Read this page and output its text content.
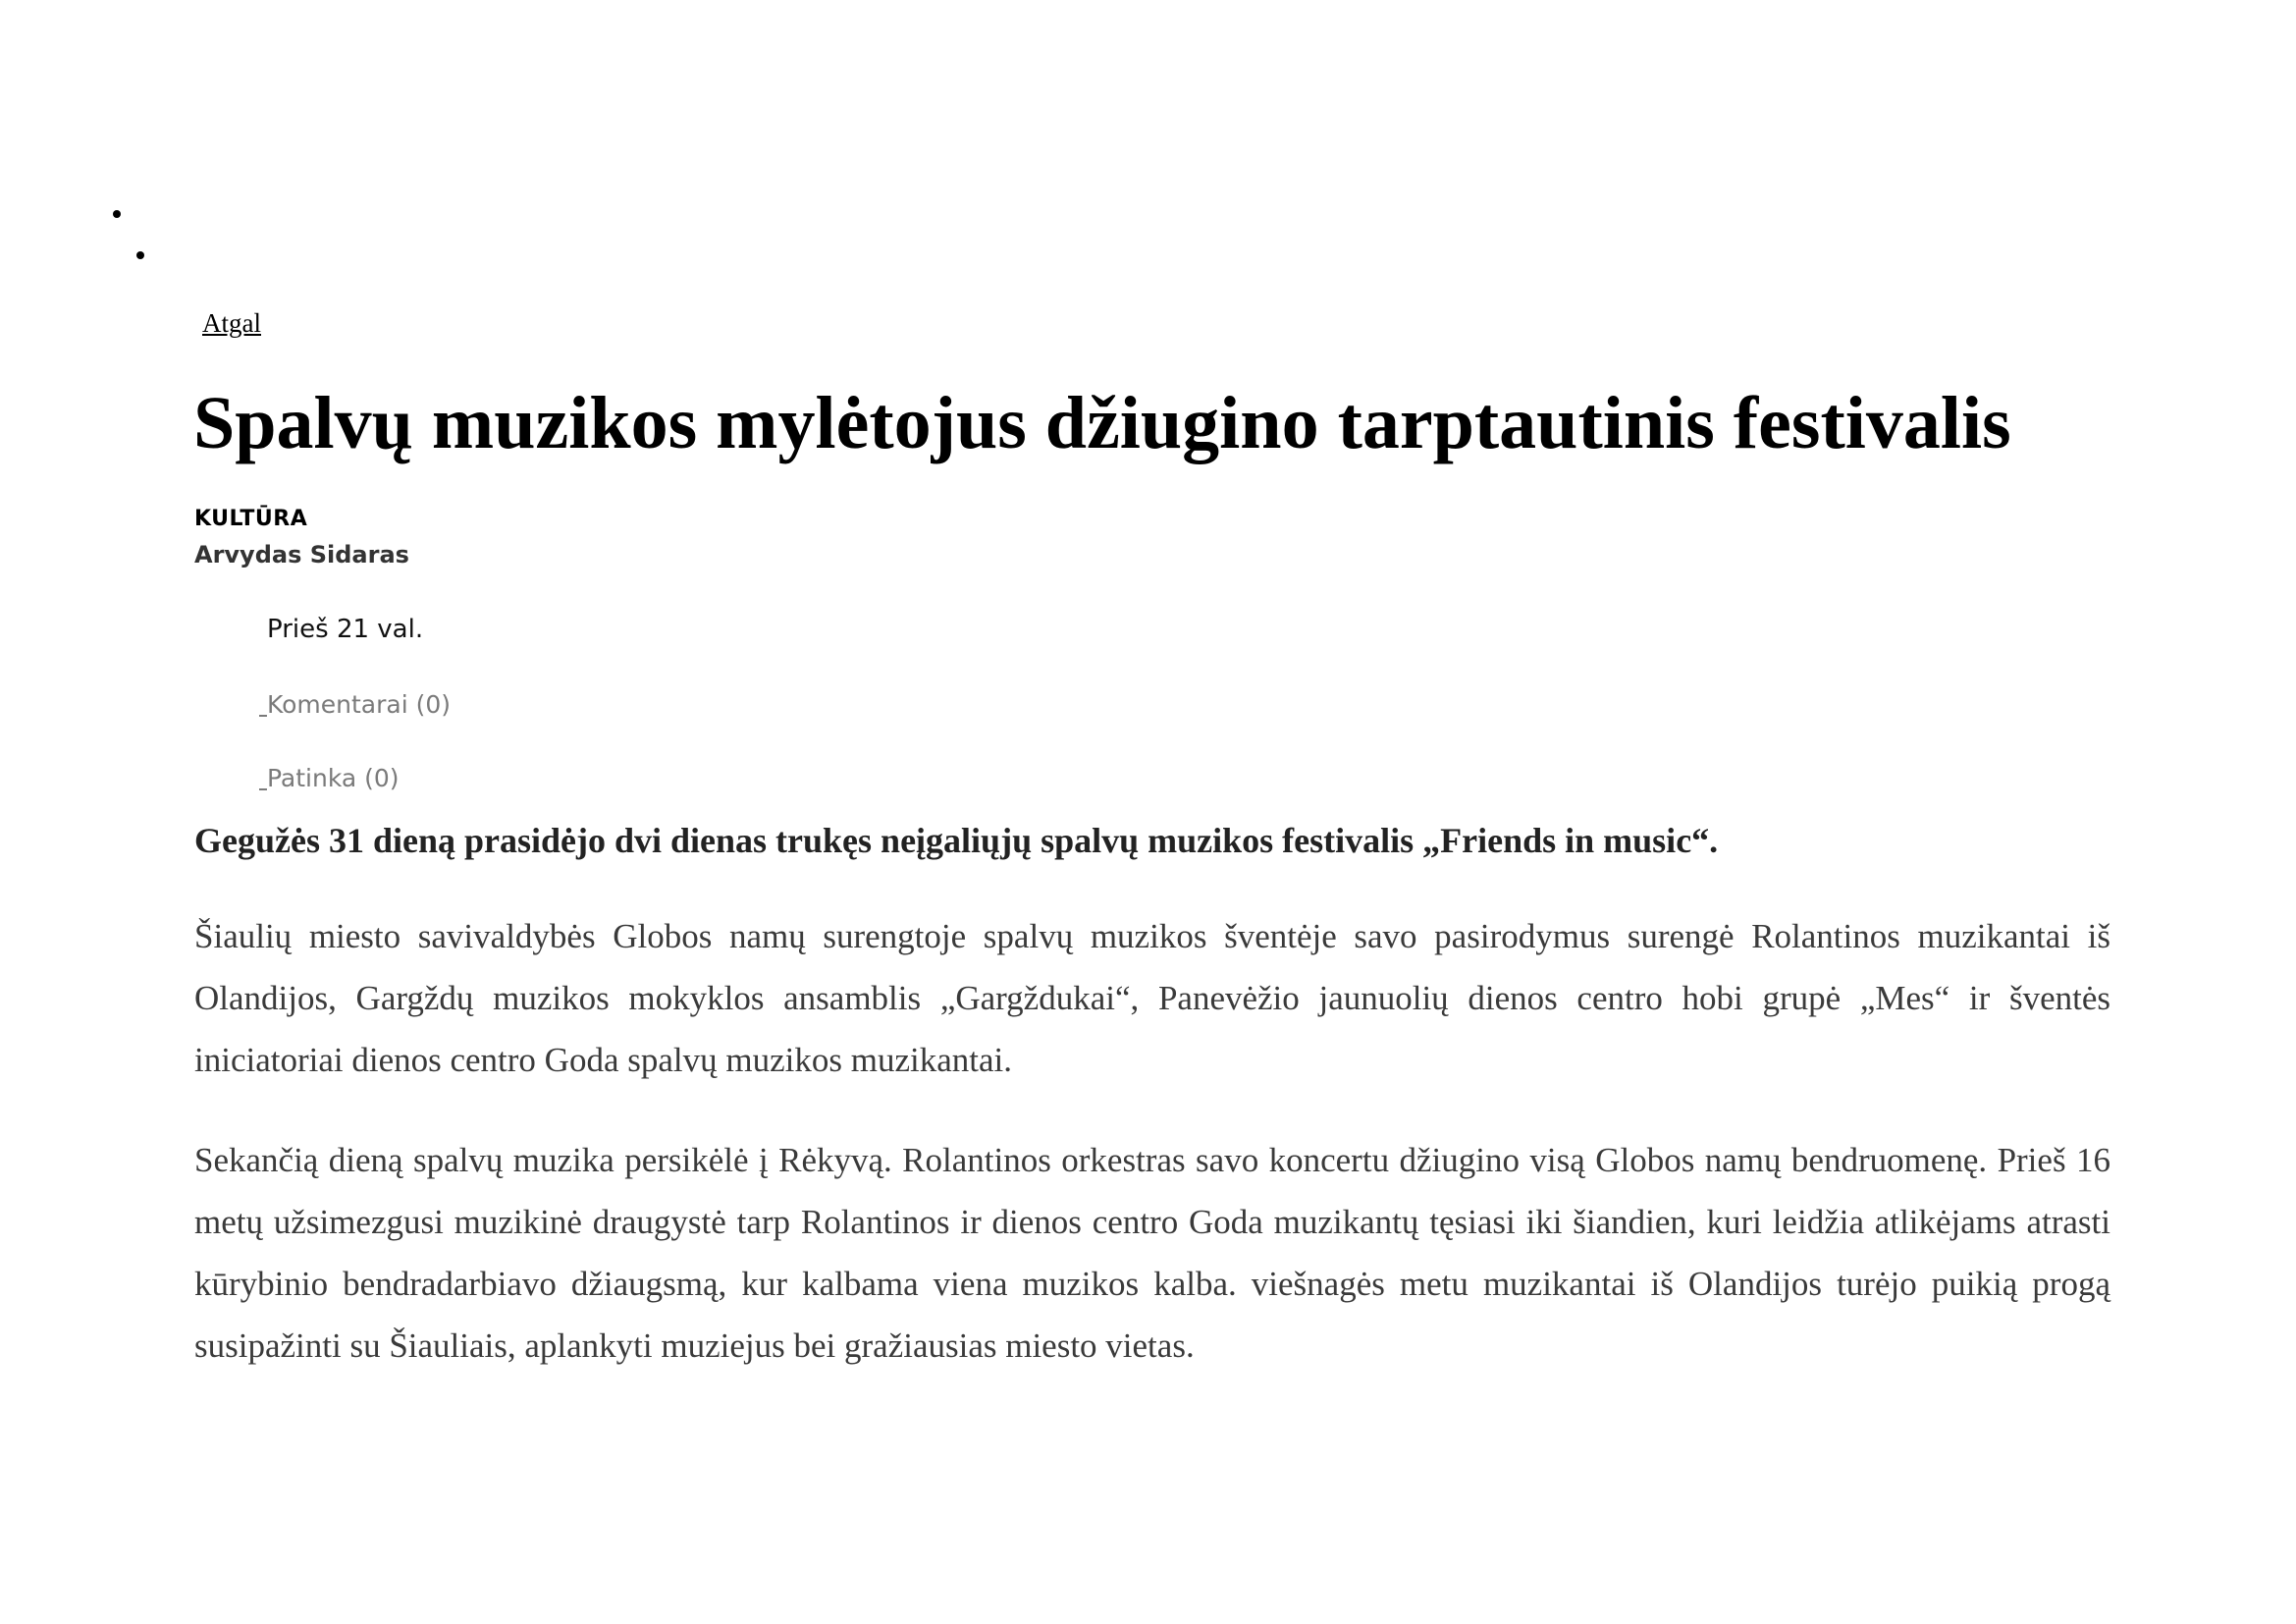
Atgal
Spalvų muzikos mylėtojus džiugino tarptautinis festivalis
KULTŪRA
Arvydas Sidaras
Prieš 21 val.
Komentarai (0)
Patinka (0)

Gegužės 31 dieną prasidėjo dvi dienas trukęs neįgaliųjų spalvų muzikos festivalis „Friends in music“.

Šiaulių miesto savivaldybės Globos namų surengtoje spalvų muzikos šventėje savo pasirodymus surengė Rolantinos muzikantai iš Olandijos, Gargždų muzikos mokyklos ansamblis „Gargždukai“, Panevėžio jaunuolių dienos centro hobi grupė „Mes“ ir šventės iniciatoriai dienos centro Goda spalvų muzikos muzikantai.

Sekančią dieną spalvų muzika persikėlė į Rėkyvą. Rolantinos orkestras savo koncertu džiugino visą Globos namų bendruomenę. Prieš 16 metų užsimezgusi muzikinė draugystė tarp Rolantinos ir dienos centro Goda muzikantų tęsiasi iki šiandien, kuri leidžia atlikėjams atrasti kūrybinio bendradarbiavo džiaugsmą, kur kalbama viena muzikos kalba. viešnagės metu muzikantai iš Olandijos turėjo puikią progą susipažinti su Šiauliais, aplankyti muziejus bei gražiausias miesto vietas.
